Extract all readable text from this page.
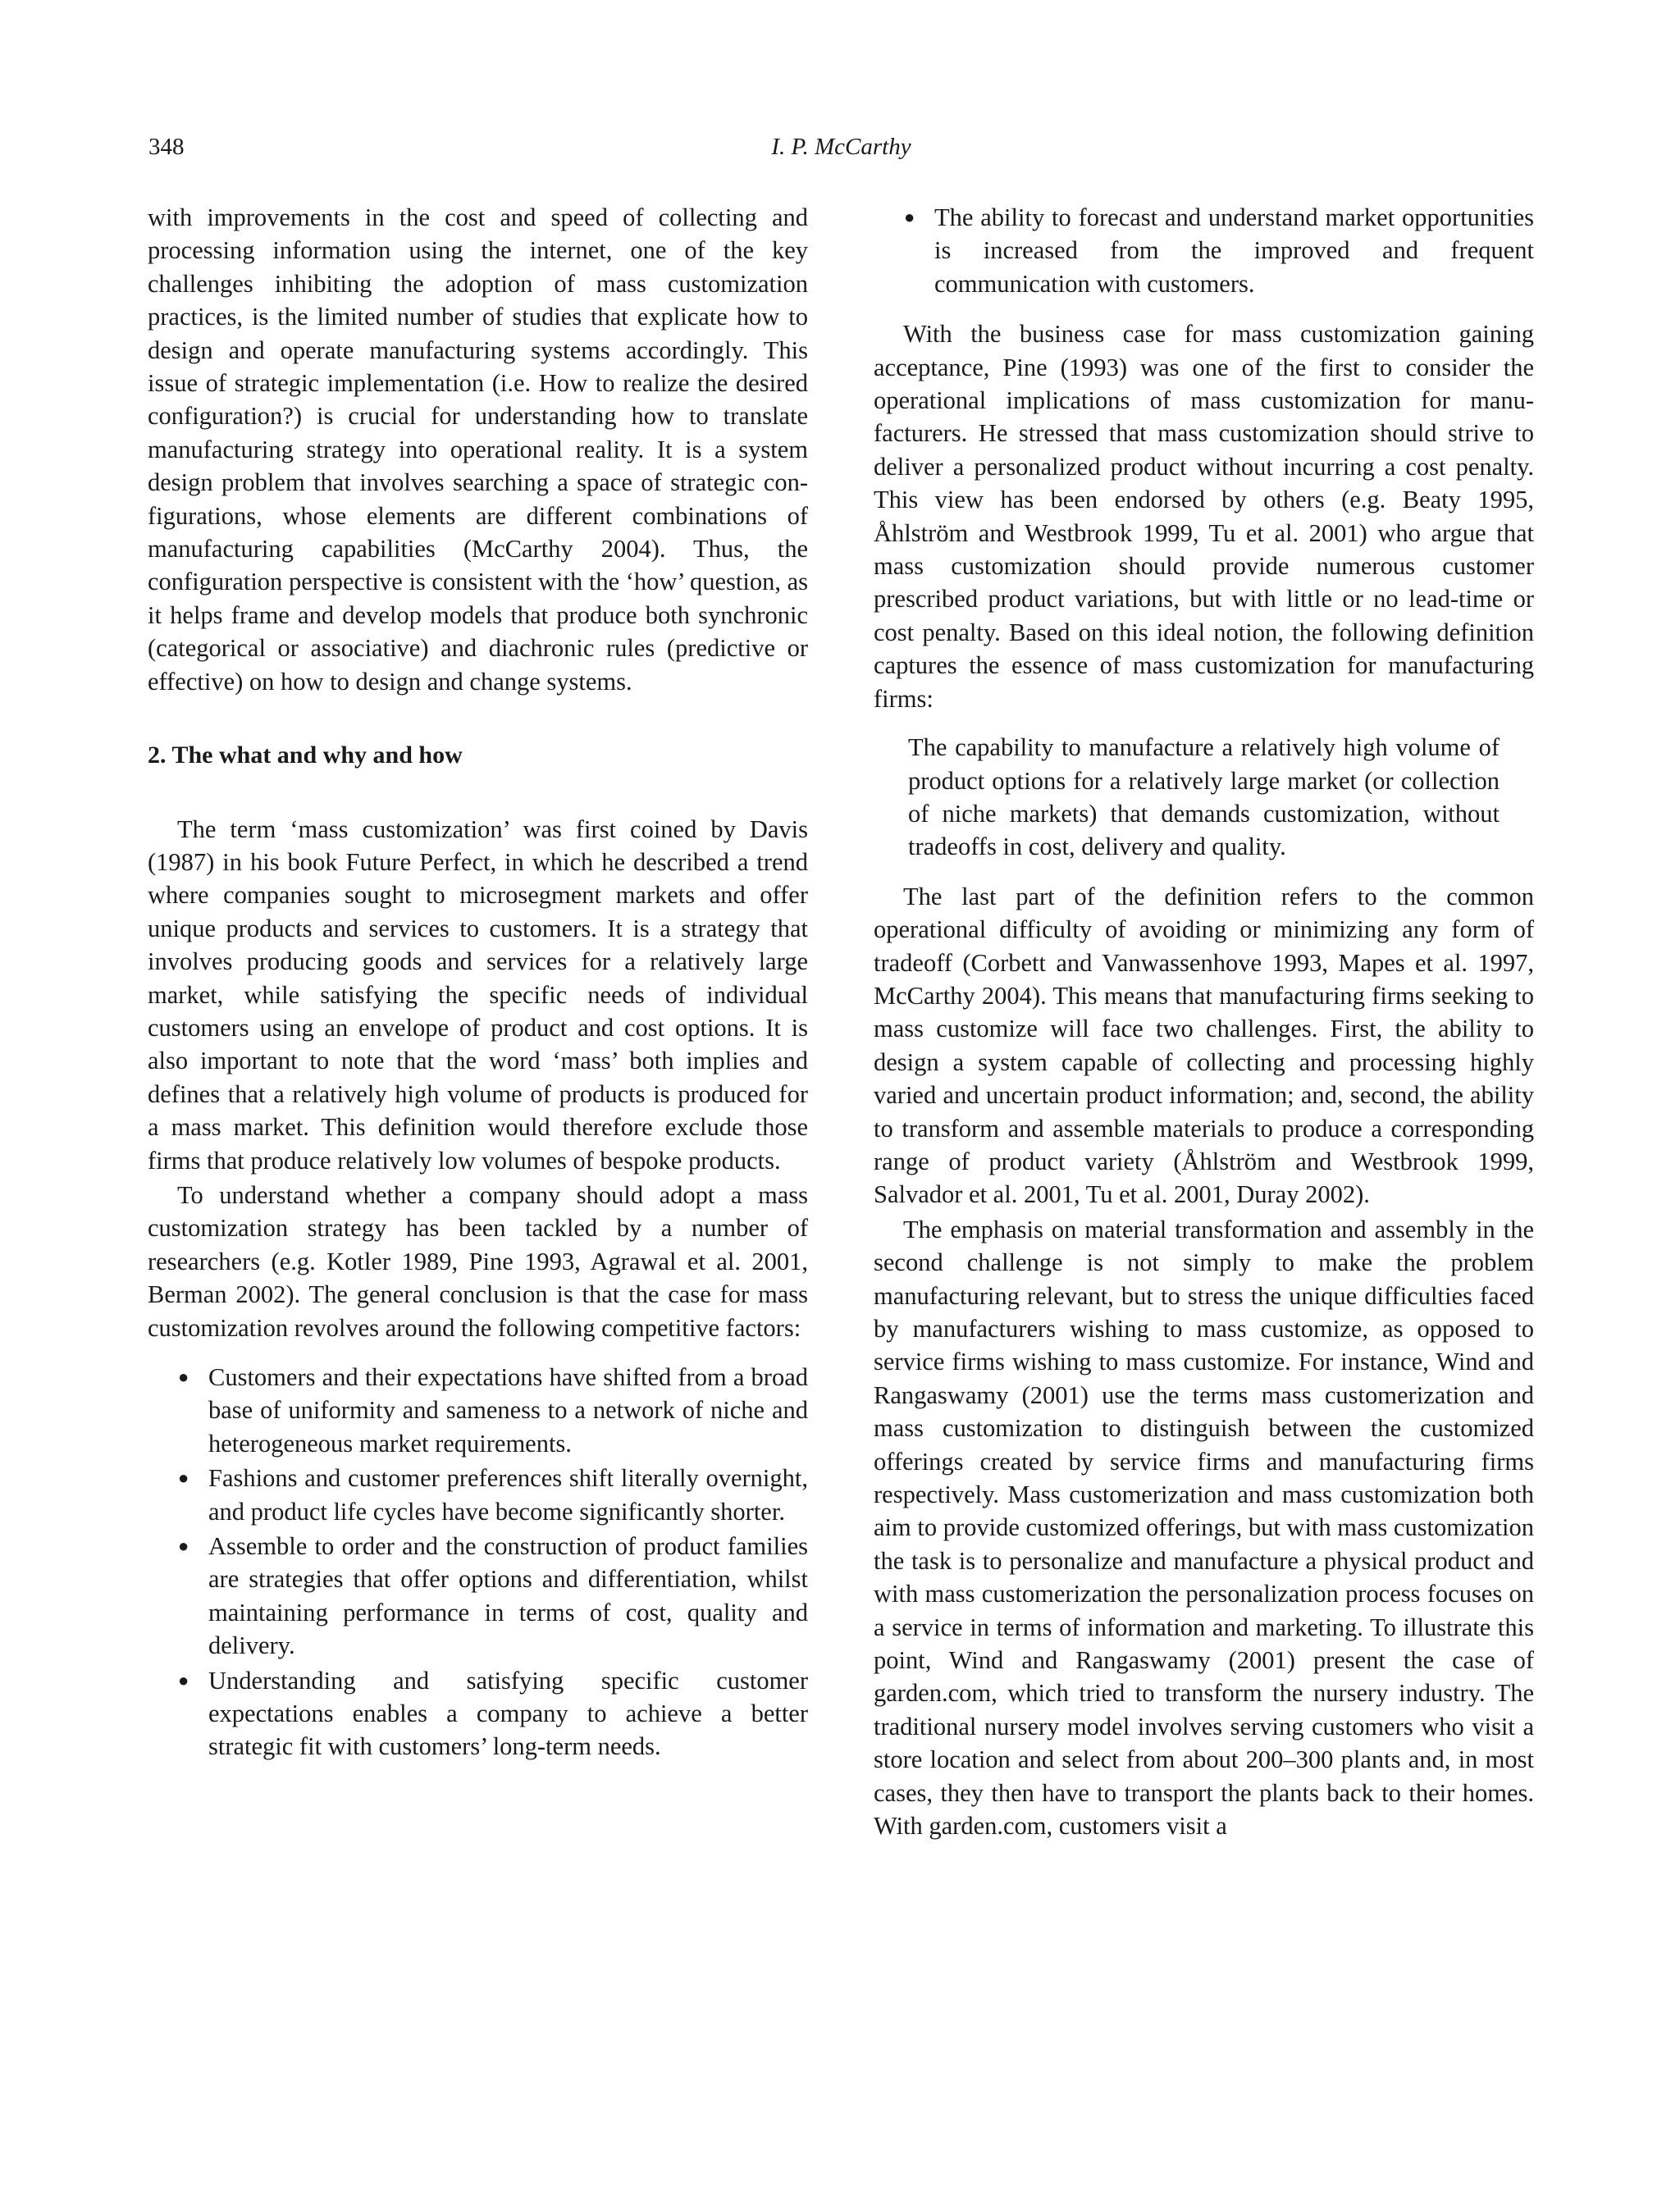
348	I. P. McCarthy

with improvements in the cost and speed of collecting and processing information using the internet, one of the key challenges inhibiting the adoption of mass customization practices, is the limited number of studies that explicate how to design and operate manufacturing systems accordingly. This issue of strategic implementation (i.e. How to realize the desired configuration?) is crucial for understanding how to translate manufacturing strategy into operational reality. It is a system design problem that involves searching a space of strategic configurations, whose elements are different combinations of manufacturing capabilities (McCarthy 2004). Thus, the configuration perspective is consistent with the ‘how’ question, as it helps frame and develop models that produce both synchronic (categorical or associative) and diachronic rules (predictive or effective) on how to design and change systems.

2. The what and why and how

The term ‘mass customization’ was first coined by Davis (1987) in his book Future Perfect, in which he described a trend where companies sought to microsegment markets and offer unique products and services to customers. It is a strategy that involves producing goods and services for a relatively large market, while satisfying the specific needs of individual customers using an envelope of product and cost options. It is also important to note that the word ‘mass’ both implies and defines that a relatively high volume of products is produced for a mass market. This definition would therefore exclude those firms that produce relatively low volumes of bespoke products.

To understand whether a company should adopt a mass customization strategy has been tackled by a number of researchers (e.g. Kotler 1989, Pine 1993, Agrawal et al. 2001, Berman 2002). The general conclusion is that the case for mass customization revolves around the following competitive factors:

● Customers and their expectations have shifted from a broad base of uniformity and sameness to a network of niche and heterogeneous market requirements.
● Fashions and customer preferences shift literally overnight, and product life cycles have become significantly shorter.
● Assemble to order and the construction of product families are strategies that offer options and differentiation, whilst maintaining performance in terms of cost, quality and delivery.
● Understanding and satisfying specific customer expectations enables a company to achieve a better strategic fit with customers’ long-term needs.
● The ability to forecast and understand market opportunities is increased from the improved and frequent communication with customers.

With the business case for mass customization gaining acceptance, Pine (1993) was one of the first to consider the operational implications of mass customization for manufacturers. He stressed that mass customization should strive to deliver a personalized product without incurring a cost penalty. This view has been endorsed by others (e.g. Beaty 1995, Åhlström and Westbrook 1999, Tu et al. 2001) who argue that mass customization should provide numerous customer prescribed product variations, but with little or no lead-time or cost penalty. Based on this ideal notion, the following definition captures the essence of mass customization for manufacturing firms:

The capability to manufacture a relatively high volume of product options for a relatively large market (or collection of niche markets) that demands customization, without tradeoffs in cost, delivery and quality.

The last part of the definition refers to the common operational difficulty of avoiding or minimizing any form of tradeoff (Corbett and Vanwassenhove 1993, Mapes et al. 1997, McCarthy 2004). This means that manufacturing firms seeking to mass customize will face two challenges. First, the ability to design a system capable of collecting and processing highly varied and uncertain product information; and, second, the ability to transform and assemble materials to produce a corresponding range of product variety (Åhlström and Westbrook 1999, Salvador et al. 2001, Tu et al. 2001, Duray 2002).

The emphasis on material transformation and assembly in the second challenge is not simply to make the problem manufacturing relevant, but to stress the unique difficulties faced by manufacturers wishing to mass customize, as opposed to service firms wishing to mass customize. For instance, Wind and Rangaswamy (2001) use the terms mass customerization and mass customization to distinguish between the customized offerings created by service firms and manufacturing firms respectively. Mass customerization and mass customization both aim to provide customized offerings, but with mass customization the task is to personalize and manufacture a physical product and with mass customerization the personalization process focuses on a service in terms of information and marketing. To illustrate this point, Wind and Rangaswamy (2001) present the case of garden.com, which tried to transform the nursery industry. The traditional nursery model involves serving customers who visit a store location and select from about 200–300 plants and, in most cases, they then have to transport the plants back to their homes. With garden.com, customers visit a
